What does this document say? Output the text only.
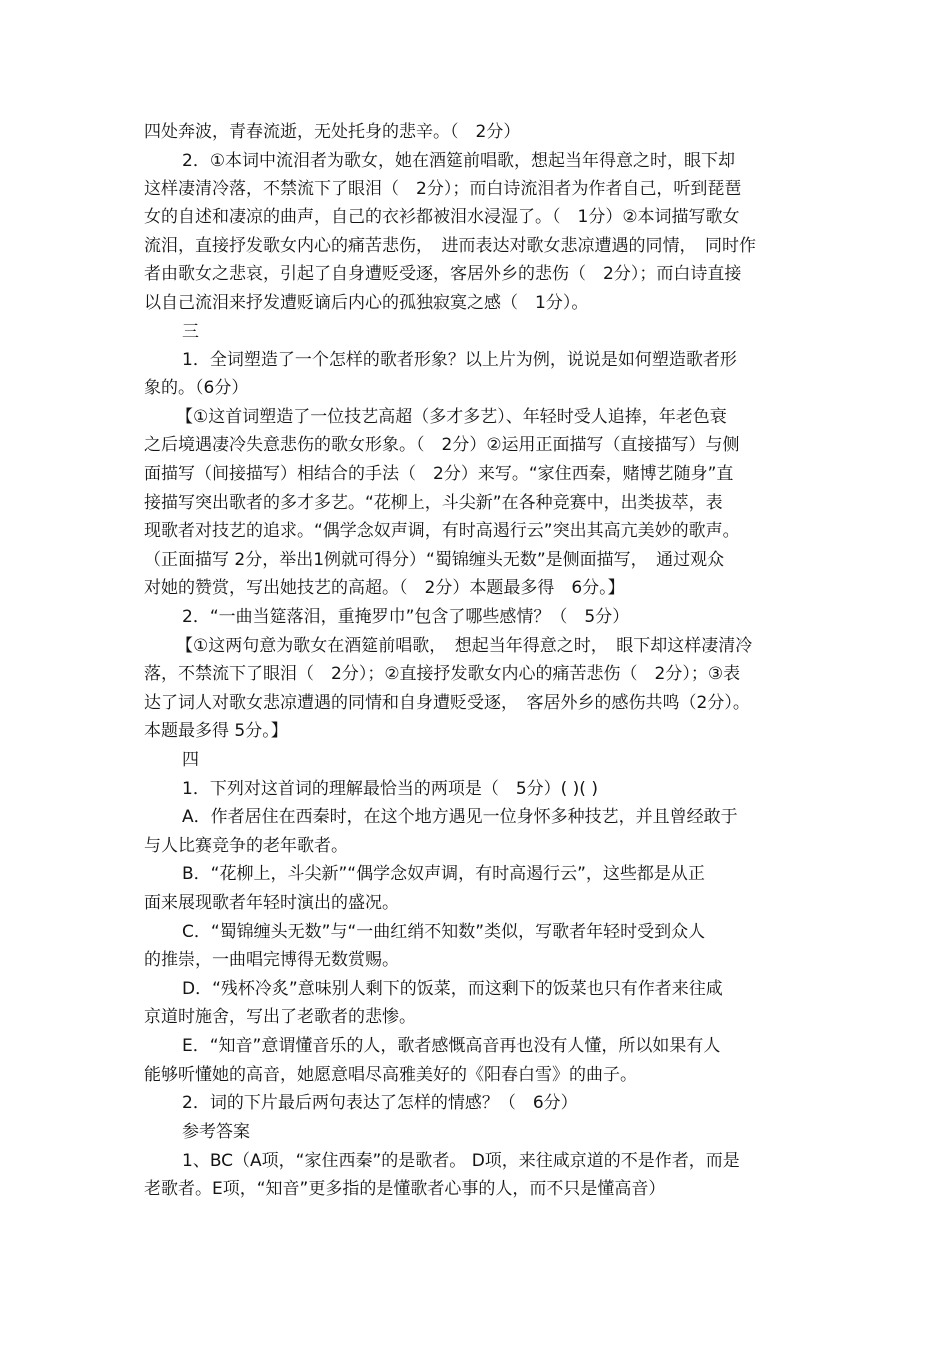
四处奔波，青春流逝，无处托身的悲辛。（　2分）
2．①本词中流泪者为歌女，她在酒筵前唱歌，想起当年得意之时，眼下却
这样凄清冷落，不禁流下了眼泪（　2分）；而白诗流泪者为作者自己，听到琵琶
女的自述和凄凉的曲声，自己的衣衫都被泪水浸湿了。（　1分）②本词描写歌女
流泪，直接抒发歌女内心的痛苦悲伤，　进而表达对歌女悲凉遭遇的同情，　同时作
者由歌女之悲哀，引起了自身遭贬受逐，客居外乡的悲伤（　2分）；而白诗直接
以自己流泪来抒发遭贬谪后内心的孤独寂寞之感（　1分）。
三
1．全词塑造了一个怎样的歌者形象？以上片为例，说说是如何塑造歌者形
象的。（6分）
【①这首词塑造了一位技艺高超（多才多艺）、年轻时受人追捧，年老色衰
之后境遇凄冷失意悲伤的歌女形象。（　2分）②运用正面描写（直接描写）与侧
面描写（间接描写）相结合的手法（　2分）来写。“家住西秦，赌博艺随身”直
接描写突出歌者的多才多艺。“花柳上，斗尖新”在各种竞赛中，出类拔萃，表
现歌者对技艺的追求。“偶学念奴声调，有时高遏行云”突出其高亢美妙的歌声。
（正面描写 2分，举出1例就可得分）“蜀锦缠头无数”是侧面描写，　通过观众
对她的赞赏，写出她技艺的高超。（　2分）本题最多得　6分。】
2．“一曲当筵落泪，重掩罗巾”包含了哪些感情？（　5分）
【①这两句意为歌女在酒筵前唱歌，　想起当年得意之时，　眼下却这样凄清冷
落，不禁流下了眼泪（　2分）；②直接抒发歌女内心的痛苦悲伤（　2分）；③表
达了词人对歌女悲凉遭遇的同情和自身遭贬受逐，　客居外乡的感伤共鸣（2分）。
本题最多得 5分。】
四
1．下列对这首词的理解最恰当的两项是（　5分）( )( )
A．作者居住在西秦时，在这个地方遇见一位身怀多种技艺，并且曾经敢于
与人比赛竞争的老年歌者。
B．“花柳上，斗尖新”“偶学念奴声调，有时高遏行云”，这些都是从正
面来展现歌者年轻时演出的盛况。
C．“蜀锦缠头无数”与“一曲红绡不知数”类似，写歌者年轻时受到众人
的推崇，一曲唱完博得无数赏赐。
D．“残杯冷炙”意味别人剩下的饭菜，而这剩下的饭菜也只有作者来往咸
京道时施舍，写出了老歌者的悲惨。
E．“知音”意谓懂音乐的人，歌者感慨高音再也没有人懂，所以如果有人
能够听懂她的高音，她愿意唱尽高雅美好的《阳春白雪》的曲子。
2．词的下片最后两句表达了怎样的情感？（　6分）
参考答案
1、BC（A项，“家住西秦”的是歌者。 D项，来往咸京道的不是作者，而是
老歌者。E项，“知音”更多指的是懂歌者心事的人，而不只是懂高音）
